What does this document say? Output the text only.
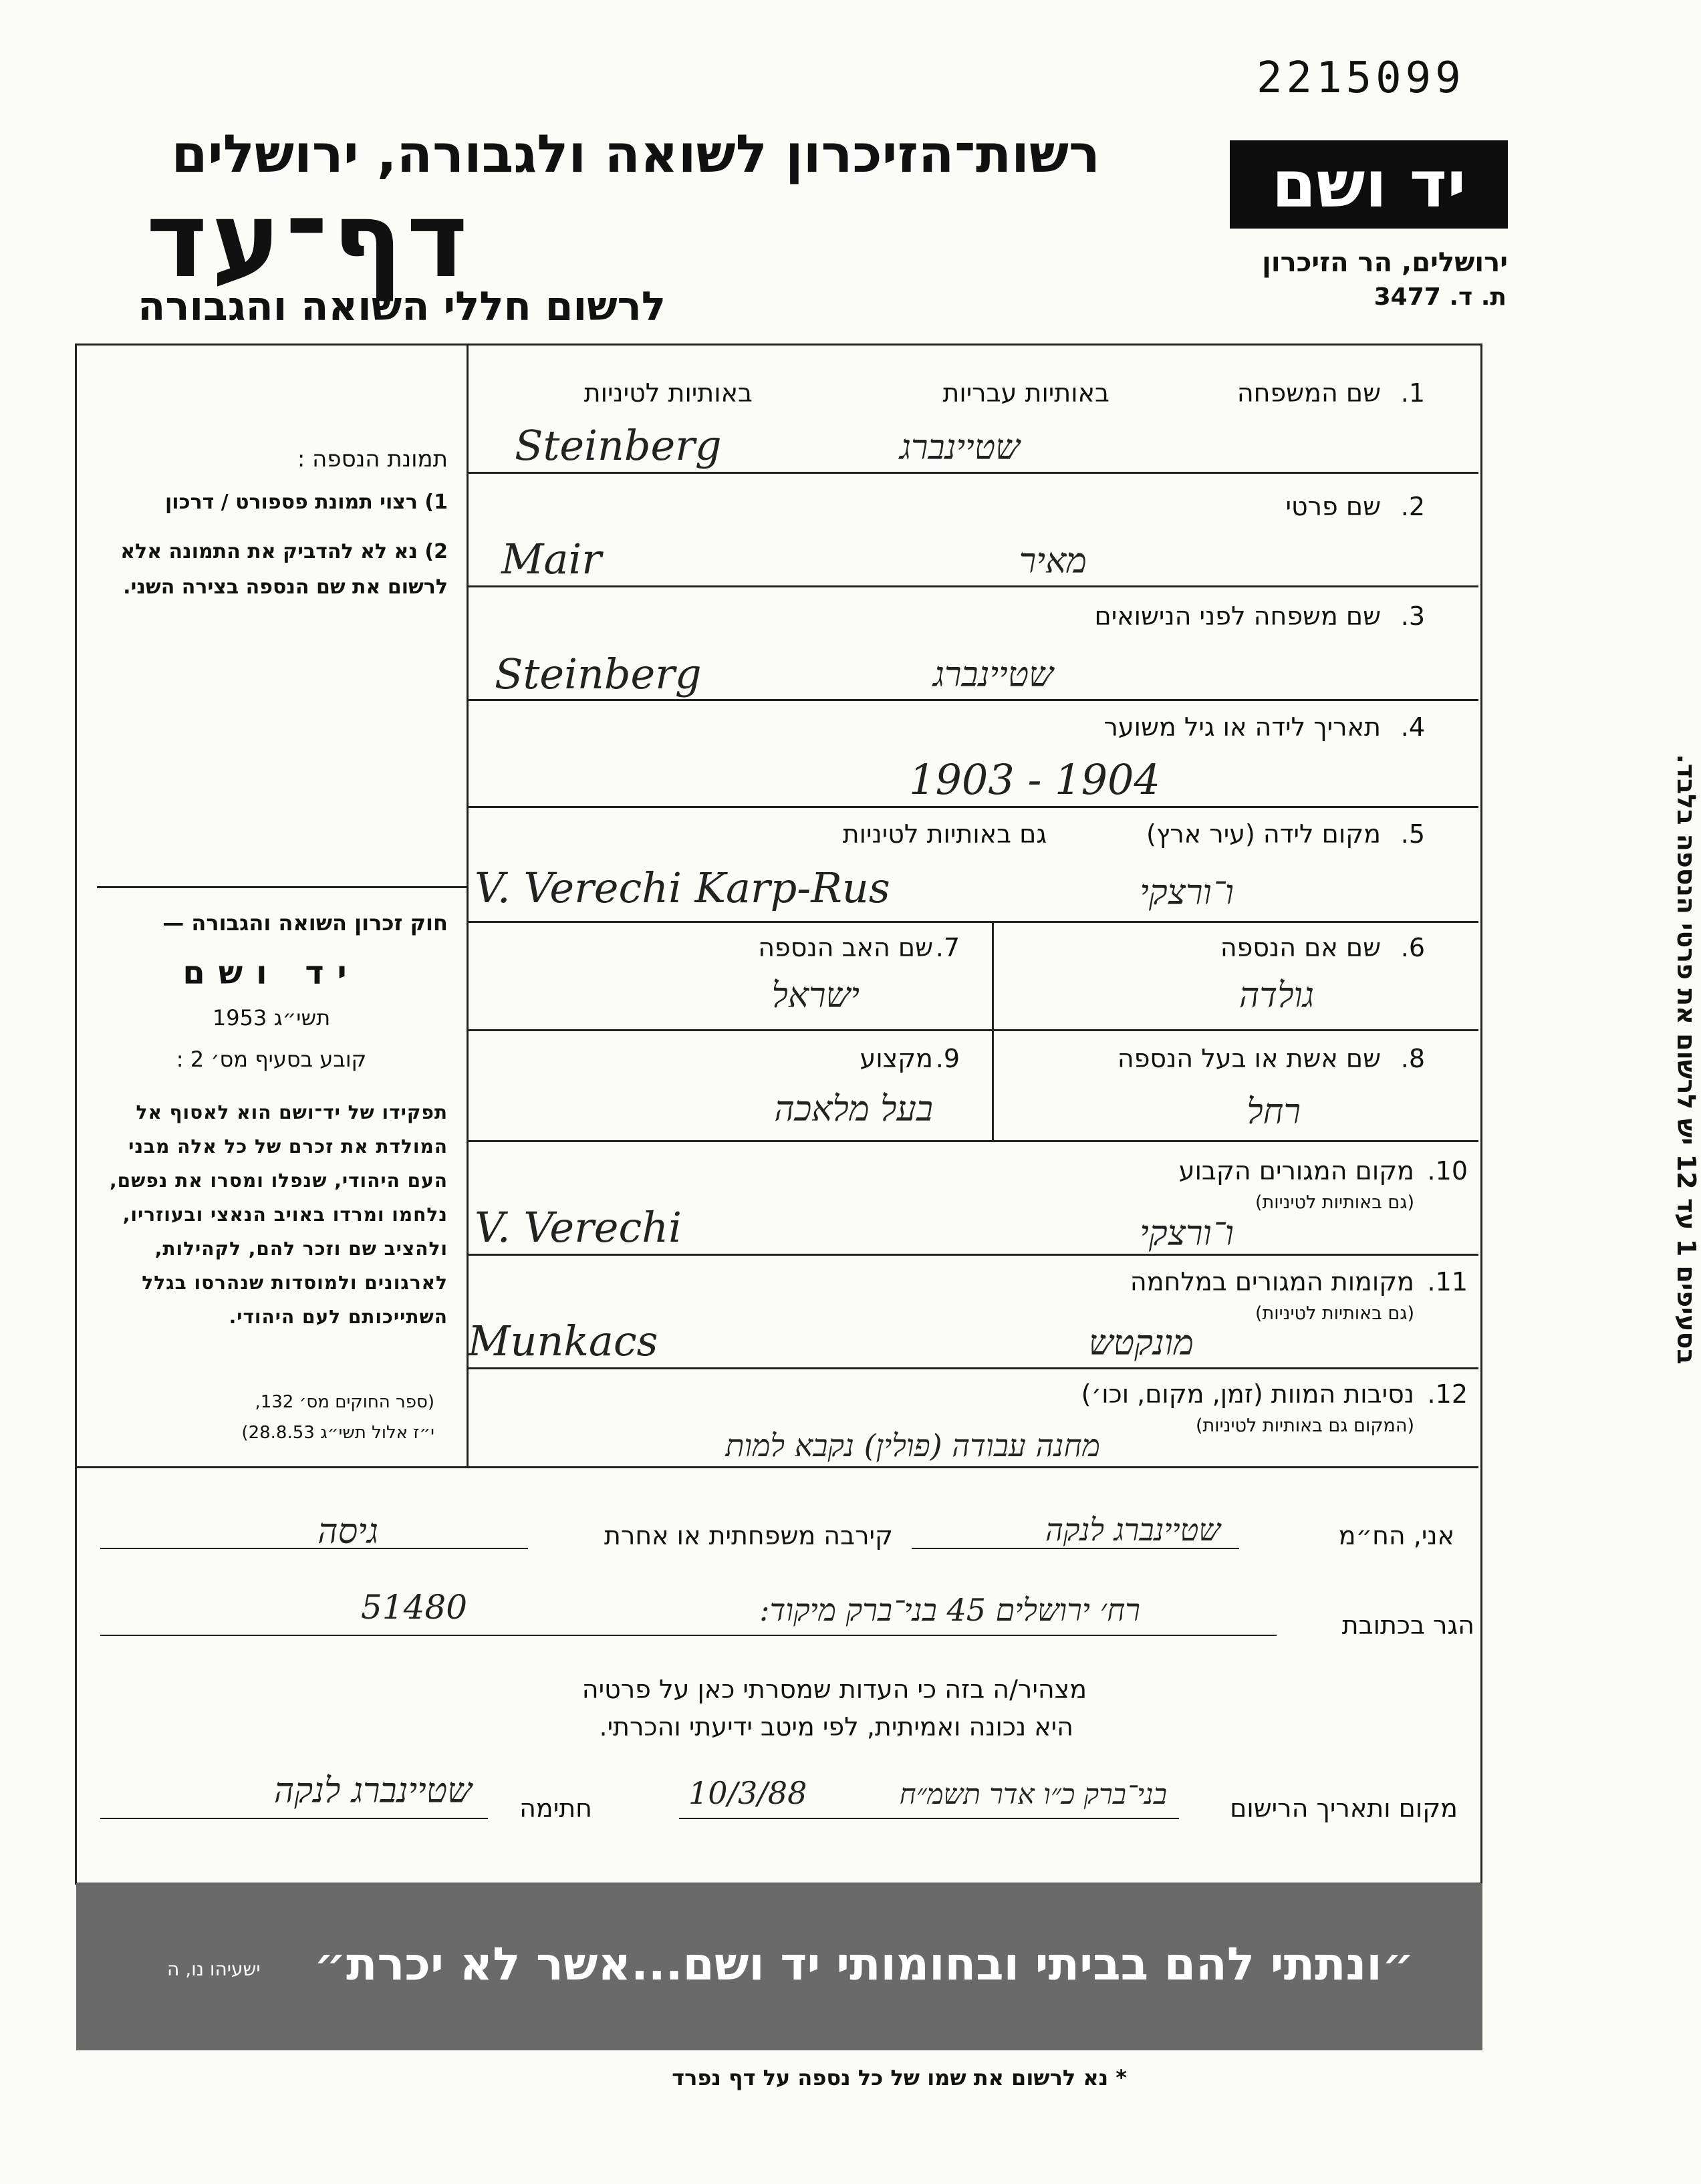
2215099
רשות־הזיכרון לשואה ולגבורה, ירושלים
דף־עד
לרשום חללי השואה והגבורה
יד ושם
ירושלים, הר הזיכרון
ת. ד. 3477
תמונת הנספה :
1) רצוי תמונת פספורט / דרכון
2) נא לא להדביק את התמונה אלא לרשום את שם הנספה בצירה השני.
חוק זכרון השואה והגבורה —
יד ושם
תשי״ג 1953
קובע בסעיף מס׳ 2 :
תפקידו של יד־ושם הוא לאסוף אל המולדת את זכרם של כל אלה מבני העם היהודי, שנפלו ומסרו את נפשם, נלחמו ומרדו באויב הנאצי ובעוזריו, ולהציב שם וזכר להם, לקהילות, לארגונים ולמוסדות שנהרסו בגלל השתייכותם לעם היהודי.
(ספר החוקים מס׳ 132,
י״ז אלול תשי״ג 28.8.53)
בסעיפים 1 עד 12 יש לרשום את פרטי הנספה בלבד.
1.
שם המשפחה
באותיות עבריות
באותיות לטיניות
Steinberg	שטיינברג
2.
שם פרטי
Mair	מאיר
3.
שם משפחה לפני הנישואים
Steinberg	שטיינברג
4.
תאריך לידה או גיל משוער
1903 - 1904
5.
מקום לידה (עיר ארץ)
גם באותיות לטיניות
V. Verechi Karp-Rus	ו־ורצקי
6.
שם אם הנספה
גולדה
7.
שם האב הנספה
ישראל
8.
שם אשת או בעל הנספה
רחל
9.
מקצוע
בעל מלאכה
10.
מקום המגורים הקבוע
(גם באותיות לטיניות)
V. Verechi	ו־ורצקי
11.
מקומות המגורים במלחמה
(גם באותיות לטיניות)
Munkacs	מונקטש
12.
נסיבות המוות (זמן, מקום, וכו׳)
(המקום גם באותיות לטיניות)
מחנה עבודה (פולין) נקבא למות
אני, הח״מ
שטיינברג לנקה
קירבה משפחתית או אחרת
גיסה
הגר בכתובת
רח׳ ירושלים 45 בני־ברק מיקוד:
51480
מצהיר/ה בזה כי העדות שמסרתי כאן על פרטיה
היא נכונה ואמיתית, לפי מיטב ידיעתי והכרתי.
מקום ותאריך הרישום
בני־ברק כ״ו אדר תשמ״ח
10/3/88
חתימה
שטיינברג לנקה
״ונתתי להם בביתי ובחומותי יד ושם...אשר לא יכרת״
ישעיהו נו, ה
* נא לרשום את שמו של כל נספה על דף נפרד
